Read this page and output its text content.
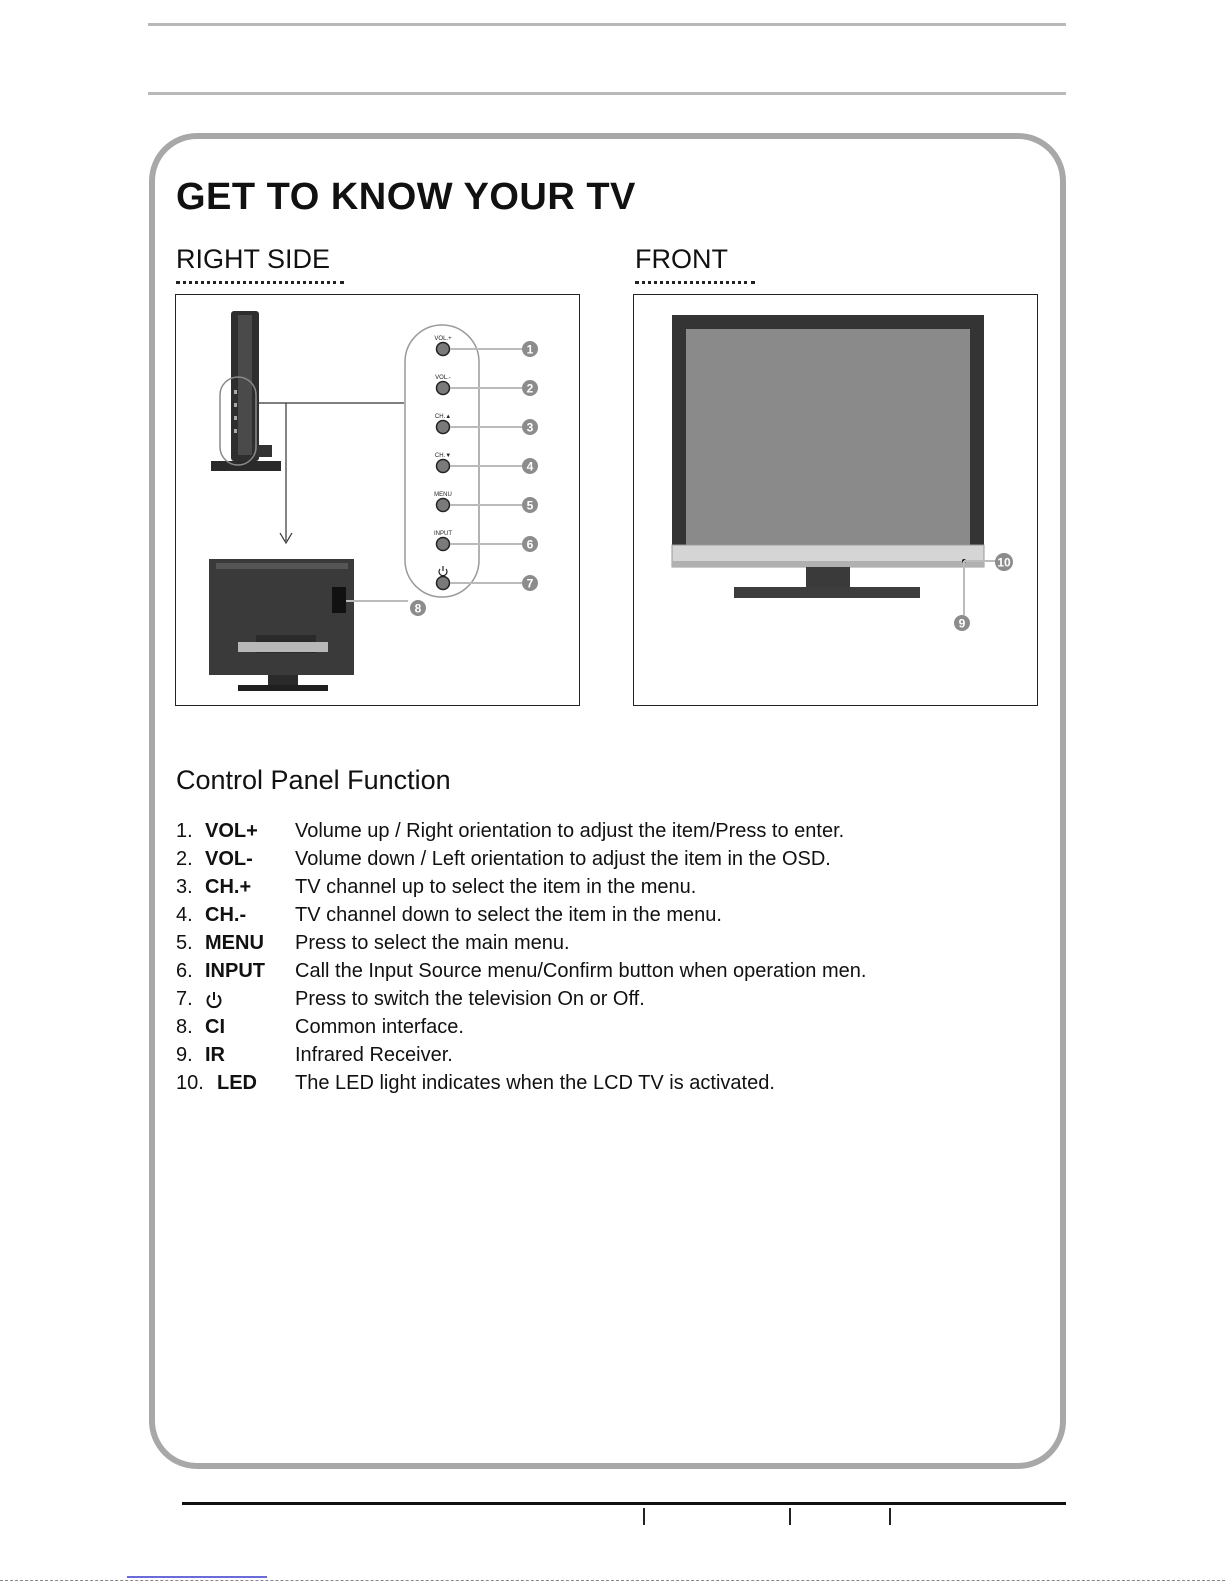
GET TO KNOW YOUR TV
RIGHT SIDE	FRONT
VOL.+
1
VOL.-
2
CH.▲
3
CH.▼
4
MENU
5
INPUT
6
7
8
10
9
Control Panel Function
1. VOL+ Volume up / Right orientation to adjust the item/Press to enter.
2. VOL- Volume down / Left orientation to adjust the item in the OSD.
3. CH.+ TV channel up to select the item in the menu.
4. CH.- TV channel down to select the item in the menu.
5. MENU Press to select the main menu.
6. INPUT Call the Input Source menu/Confirm button when operation men.
7.	Press to switch the television On or Off.
8. CI	Common interface.
9. IR	Infrared Receiver.
10. LED The LED light indicates when the LCD TV is activated.
